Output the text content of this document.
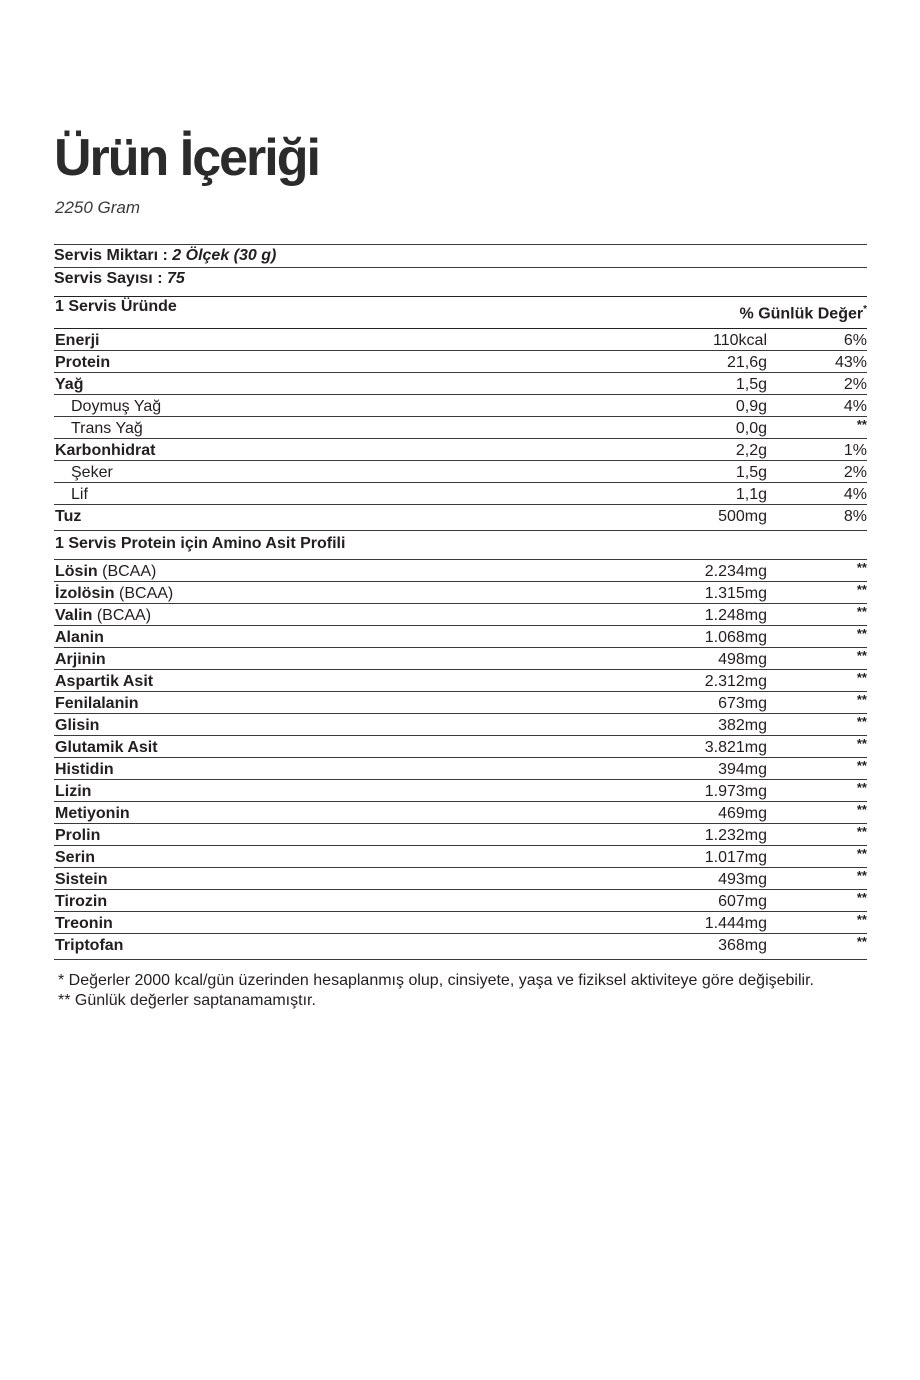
Ürün İçeriği
2250 Gram
Servis Miktarı : 2 Ölçek (30 g)
Servis Sayısı : 75
1 Servis Üründe	% Günlük Değer*
Enerji	110kcal	6%
Protein	21,6g	43%
Yağ	1,5g	2%
Doymuş Yağ	0,9g	4%
Trans Yağ	0,0g	**
Karbonhidrat	2,2g	1%
Şeker	1,5g	2%
Lif	1,1g	4%
Tuz	500mg	8%
1 Servis Protein için Amino Asit Profili
Lösin (BCAA)	2.234mg	**
İzolösin (BCAA)	1.315mg	**
Valin (BCAA)	1.248mg	**
Alanin	1.068mg	**
Arjinin	498mg	**
Aspartik Asit	2.312mg	**
Fenilalanin	673mg	**
Glisin	382mg	**
Glutamik Asit	3.821mg	**
Histidin	394mg	**
Lizin	1.973mg	**
Metiyonin	469mg	**
Prolin	1.232mg	**
Serin	1.017mg	**
Sistein	493mg	**
Tirozin	607mg	**
Treonin	1.444mg	**
Triptofan	368mg	**
* Değerler 2000 kcal/gün üzerinden hesaplanmış olup, cinsiyete, yaşa ve fiziksel aktiviteye göre değişebilir.
** Günlük değerler saptanamamıştır.
